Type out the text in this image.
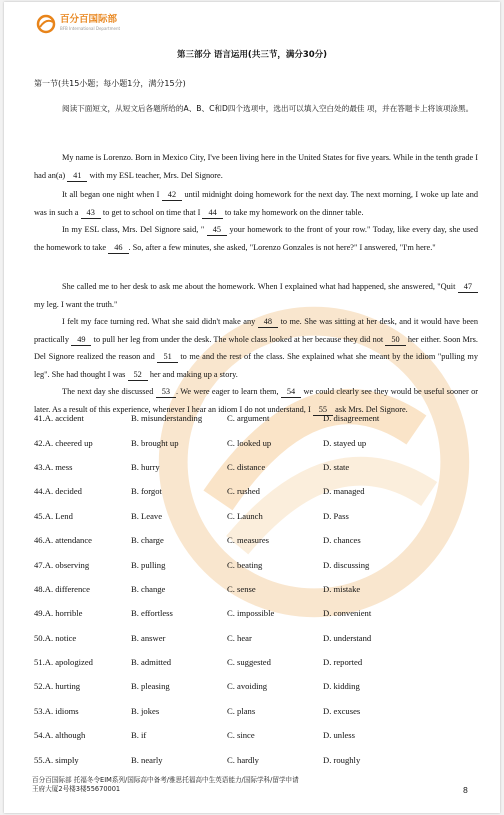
百分百国际部
BFB International Department
第三部分 语言运用(共三节，满分30分)
第一节(共15小题；每小题1分，满分15分)
阅读下面短文，从短文后各题所给的A、B、C和D四个选项中，选出可以填入空白处的最佳 项，并在答题卡上将该项涂黑。

My name is Lorenzo. Born in Mexico City, I've been living here in the United States for five years. While in the tenth grade I had an(a) 41 with my ESL teacher, Mrs. Del Signore.

It all began one night when I 42 until midnight doing homework for the next day. The next morning, I woke up late and was in such a 43 to get to school on time that I 44 to take my homework on the dinner table.

In my ESL class, Mrs. Del Signore said, " 45 your homework to the front of your row." Today, like every day, she used the homework to take 46 . So, after a few minutes, she asked, "Lorenzo Gonzales is not here?" I answered, "I'm here."

She called me to her desk to ask me about the homework. When I explained what had happened, she answered, "Quit 47 my leg. I want the truth."

I felt my face turning red. What she said didn't make any 48 to me. She was sitting at her desk, and it would have been practically 49 to pull her leg from under the desk. The whole class looked at her because they did not 50 her either. Soon Mrs. Del Signore realized the reason and 51 to me and the rest of the class. She explained what she meant by the idiom "pulling my leg". She had thought I was 52 her and making up a story.

The next day she discussed 53 . We were eager to learn them, 54 we could clearly see they would be useful sooner or later. As a result of this experience, whenever I hear an idiom I do not understand, I 55 ask Mrs. Del Signore.

41.A. accident	B. misunderstanding	C. argument	D. disagreement
42.A. cheered up	B. brought up	C. looked up	D. stayed up
43.A. mess	B. hurry	C. distance	D. state
44.A. decided	B. forgot	C. rushed	D. managed
45.A. Lend	B. Leave	C. Launch	D. Pass
46.A. attendance	B. charge	C. measures	D. chances
47.A. observing	B. pulling	C. beating	D. discussing
48.A. difference	B. change	C. sense	D. mistake
49.A. horrible	B. effortless	C. impossible	D. convenient
50.A. notice	B. answer	C. hear	D. understand
51.A. apologized	B. admitted	C. suggested	D. reported
52.A. hurting	B. pleasing	C. avoiding	D. kidding
53.A. idioms	B. jokes	C. plans	D. excuses
54.A. although	B. if	C. since	D. unless
55.A. simply	B. nearly	C. hardly	D. roughly
百分百国际部 托福冬令EIM系列/国际高中备考/雅思托福高中生英语能力/国际学科/留学申请
王府大厦2号楼3楼55670001	8
